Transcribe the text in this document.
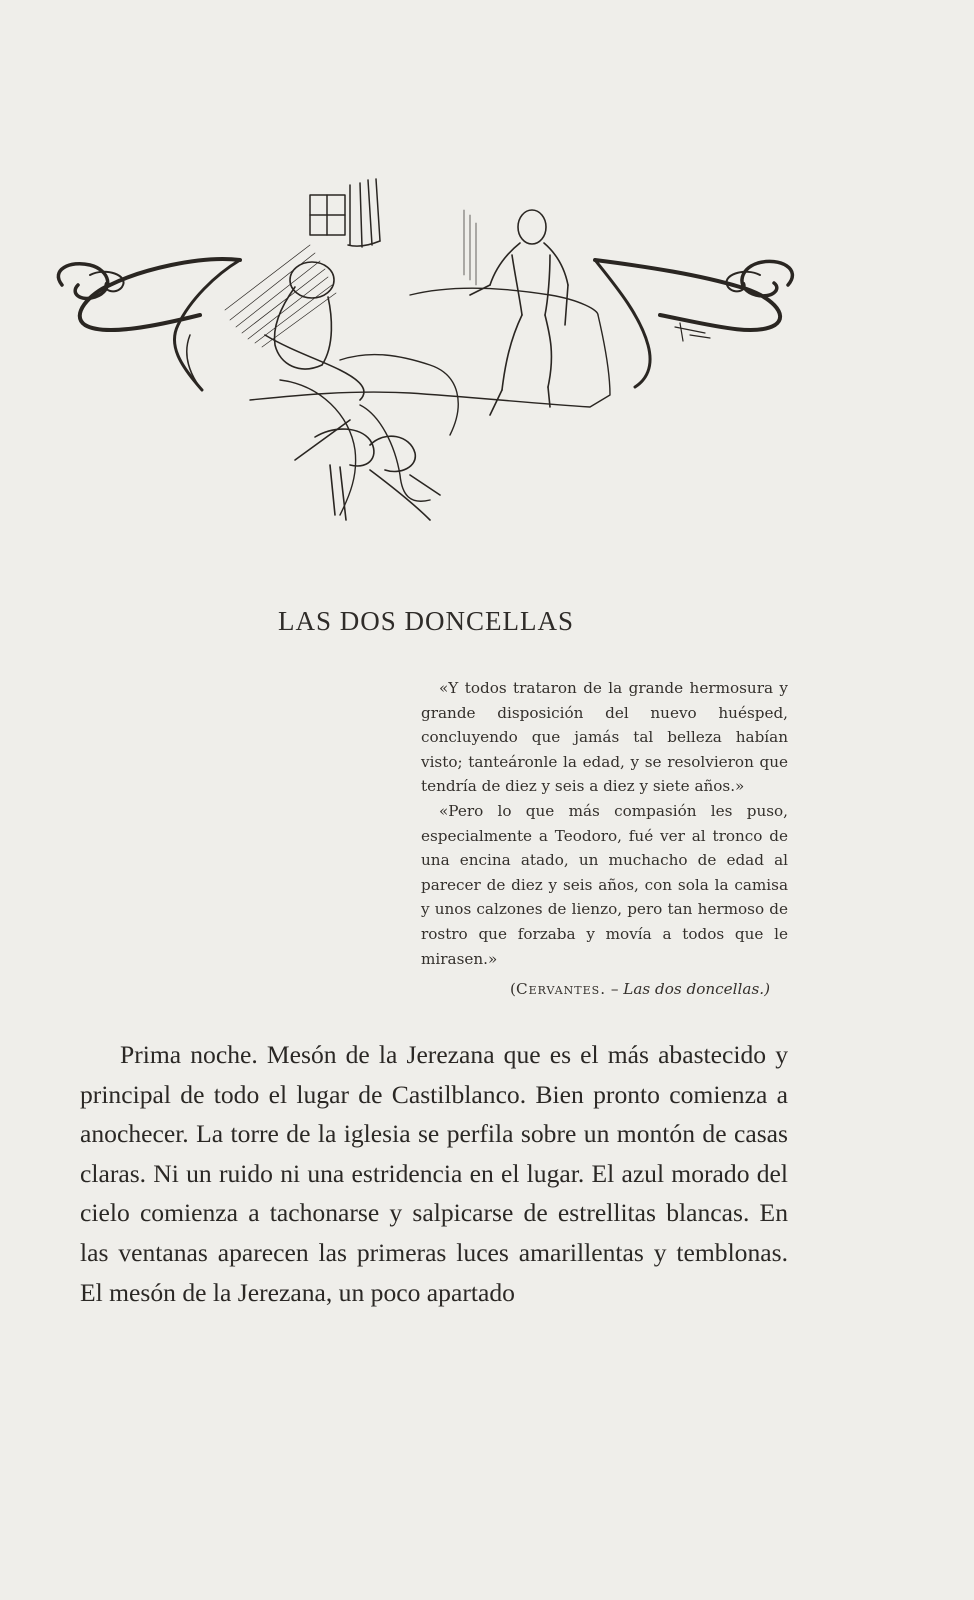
LAS DOS DONCELLAS

«Y todos trataron de la grande hermosura y grande disposición del nuevo huésped, concluyendo que jamás tal belleza habían visto; tanteáronle la edad, y se resolvieron que tendría de diez y seis a diez y siete años.»

«Pero lo que más compasión les puso, especialmente a Teodoro, fué ver al tronco de una encina atado, un muchacho de edad al parecer de diez y seis años, con sola la camisa y unos calzones de lienzo, pero tan hermoso de rostro que forzaba y movía a todos que le mirasen.»

(Cervantes. – Las dos doncellas.)

Prima noche. Mesón de la Jerezana que es el más abastecido y principal de todo el lugar de Castilblanco. Bien pronto comienza a anochecer. La torre de la iglesia se perfila sobre un montón de casas claras. Ni un ruido ni una estridencia en el lugar. El azul morado del cielo comienza a tachonarse y salpicarse de estrellitas blancas. En las ventanas aparecen las primeras luces amarillentas y temblonas. El mesón de la Jerezana, un poco apartado
